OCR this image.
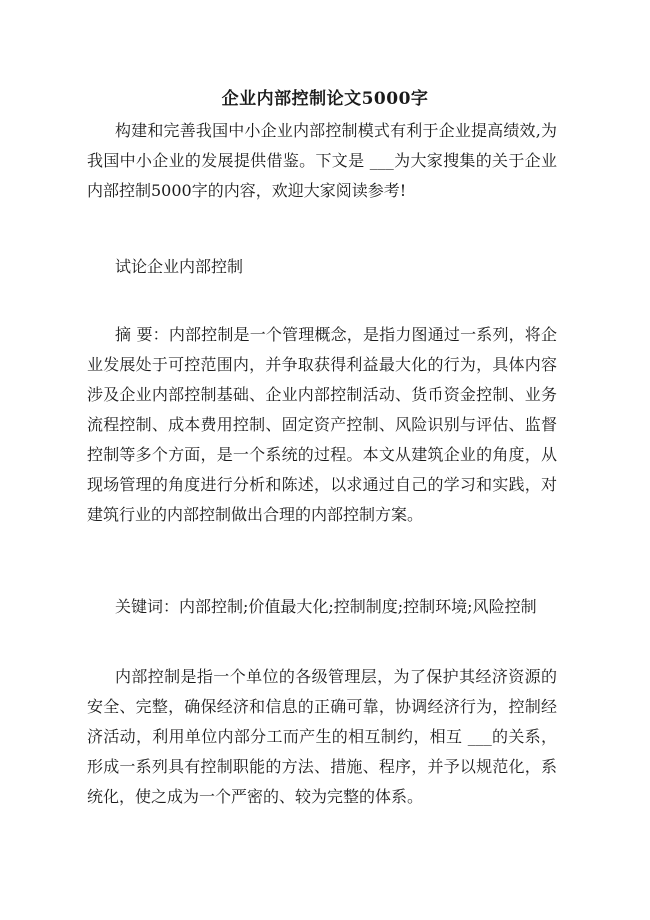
企业内部控制论文5000字

构建和完善我国中小企业内部控制模式有利于企业提高绩效,为我国中小企业的发展提供借鉴。下文是 ___为大家搜集的关于企业内部控制5000字的内容，欢迎大家阅读参考!

试论企业内部控制

摘 要：内部控制是一个管理概念，是指力图通过一系列，将企业发展处于可控范围内，并争取获得利益最大化的行为，具体内容涉及企业内部控制基础、企业内部控制活动、货币资金控制、业务流程控制、成本费用控制、固定资产控制、风险识别与评估、监督控制等多个方面，是一个系统的过程。本文从建筑企业的角度，从现场管理的角度进行分析和陈述，以求通过自己的学习和实践，对建筑行业的内部控制做出合理的内部控制方案。

关键词：内部控制;价值最大化;控制制度;控制环境;风险控制

内部控制是指一个单位的各级管理层，为了保护其经济资源的安全、完整，确保经济和信息的正确可靠，协调经济行为，控制经济活动，利用单位内部分工而产生的相互制约，相互 ___的关系，形成一系列具有控制职能的方法、措施、程序，并予以规范化，系统化，使之成为一个严密的、较为完整的体系。
